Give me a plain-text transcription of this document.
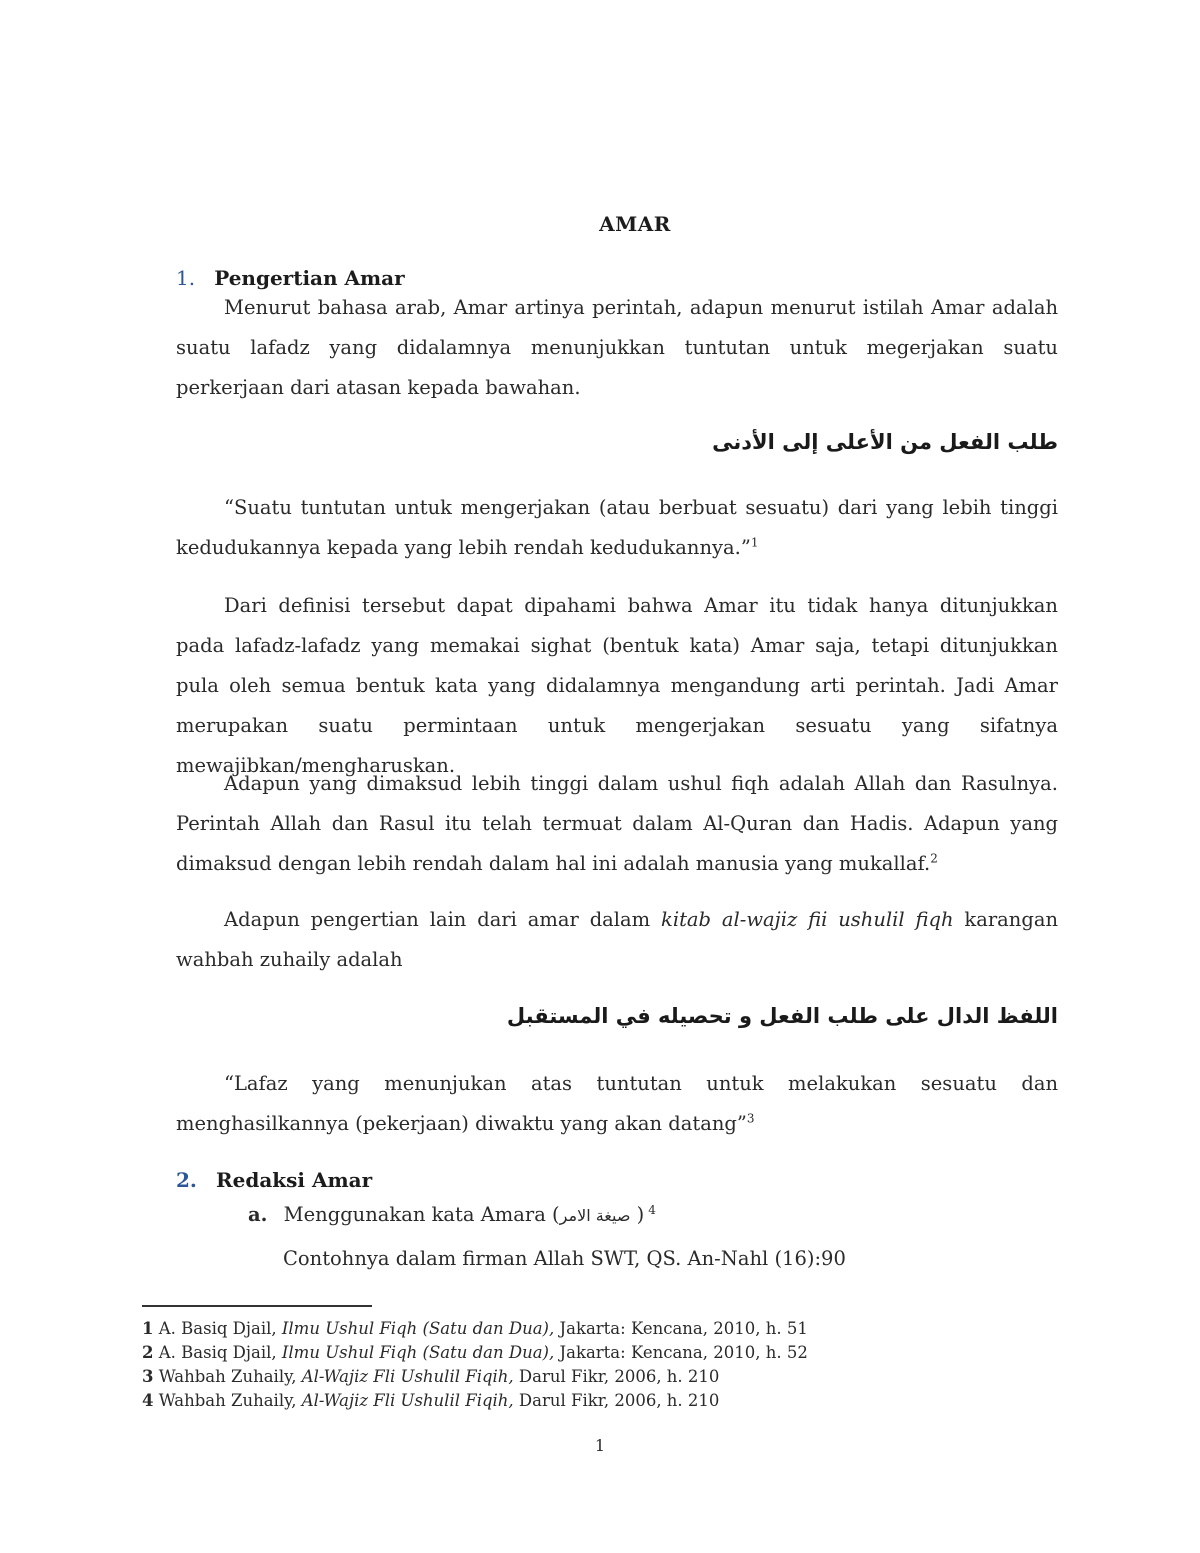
AMAR
1. Pengertian Amar
Menurut bahasa arab, Amar artinya perintah, adapun menurut istilah Amar adalah suatu lafadz yang didalamnya menunjukkan tuntutan untuk megerjakan suatu perkerjaan dari atasan kepada bawahan.
طلب الفعل من الأعلى إلى الأدنى
“Suatu tuntutan untuk mengerjakan (atau berbuat sesuatu) dari yang lebih tinggi kedudukannya kepada yang lebih rendah kedudukannya.”$^1$
Dari definisi tersebut dapat dipahami bahwa Amar itu tidak hanya ditunjukkan pada lafadz-lafadz yang memakai sighat (bentuk kata) Amar saja, tetapi ditunjukkan pula oleh semua bentuk kata yang didalamnya mengandung arti perintah. Jadi Amar merupakan suatu permintaan untuk mengerjakan sesuatu yang sifatnya mewajibkan/mengharuskan.
Adapun yang dimaksud lebih tinggi dalam ushul fiqh adalah Allah dan Rasulnya. Perintah Allah dan Rasul itu telah termuat dalam Al-Quran dan Hadis. Adapun yang dimaksud dengan lebih rendah dalam hal ini adalah manusia yang mukallaf.$^2$
Adapun pengertian lain dari amar dalam kitab al-wajiz fii ushulil fiqh karangan wahbah zuhaily adalah
اللفظ الدال على طلب الفعل و تحصيله في المستقبل
“Lafaz yang menunjukan atas tuntutan untuk melakukan sesuatu dan menghasilkannya (pekerjaan) diwaktu yang akan datang”$^3$
2. Redaksi Amar
a. Menggunakan kata Amara (صيغة الامر ) $^4$
Contohnya dalam firman Allah SWT, QS. An-Nahl (16):90
1 A. Basiq Djail, Ilmu Ushul Fiqh (Satu dan Dua), Jakarta: Kencana, 2010, h. 51
2 A. Basiq Djail, Ilmu Ushul Fiqh (Satu dan Dua), Jakarta: Kencana, 2010, h. 52
3 Wahbah Zuhaily, Al-Wajiz Fli Ushulil Fiqih, Darul Fikr, 2006, h. 210
4 Wahbah Zuhaily, Al-Wajiz Fli Ushulil Fiqih, Darul Fikr, 2006, h. 210
1
